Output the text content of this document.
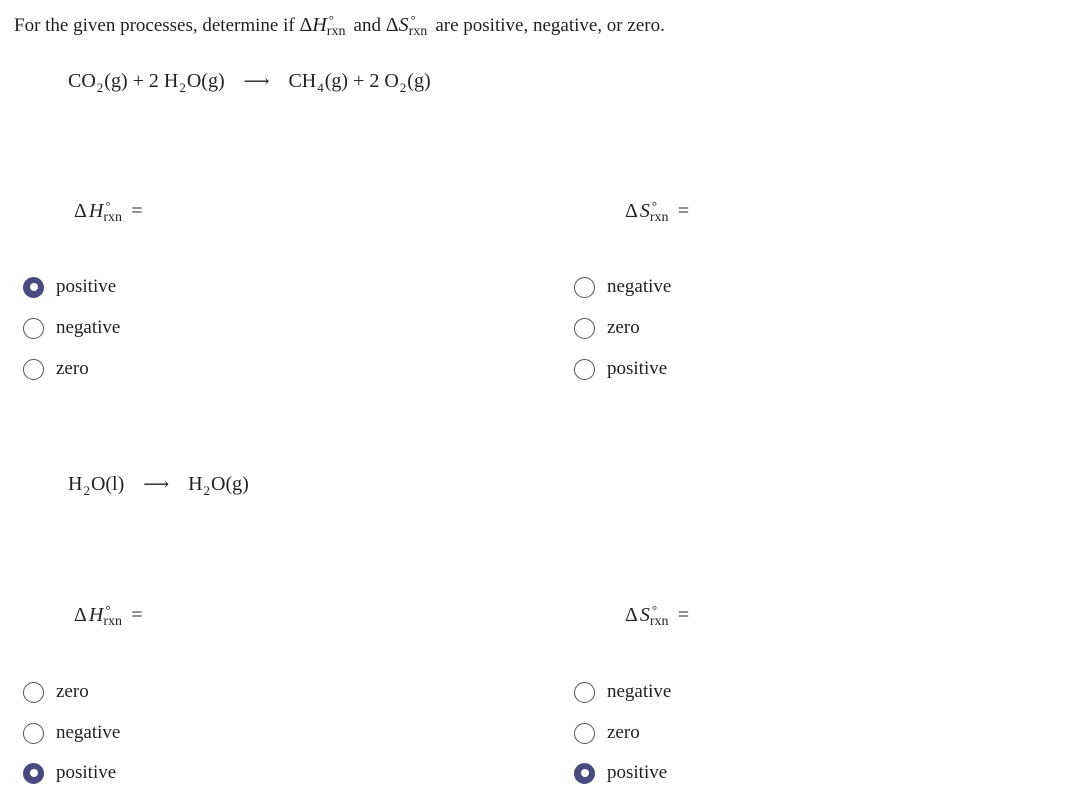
For the given processes, determine if ΔH °
rxn and ΔS °
rxn are positive, negative, or zero.
$CO_2(g) + 2$ $H_2O(g)$ ⟶ $CH_4(g) + 2$ $O_2(g)$
Δ H °
rxn =	Δ S °
rxn =
positive
negative
zero
negative
zero
positive
$H_2O(l)$ ⟶ $H_2O(g)$
Δ H °
rxn =	Δ S °
rxn =
zero
negative
positive
negative
zero
positive
